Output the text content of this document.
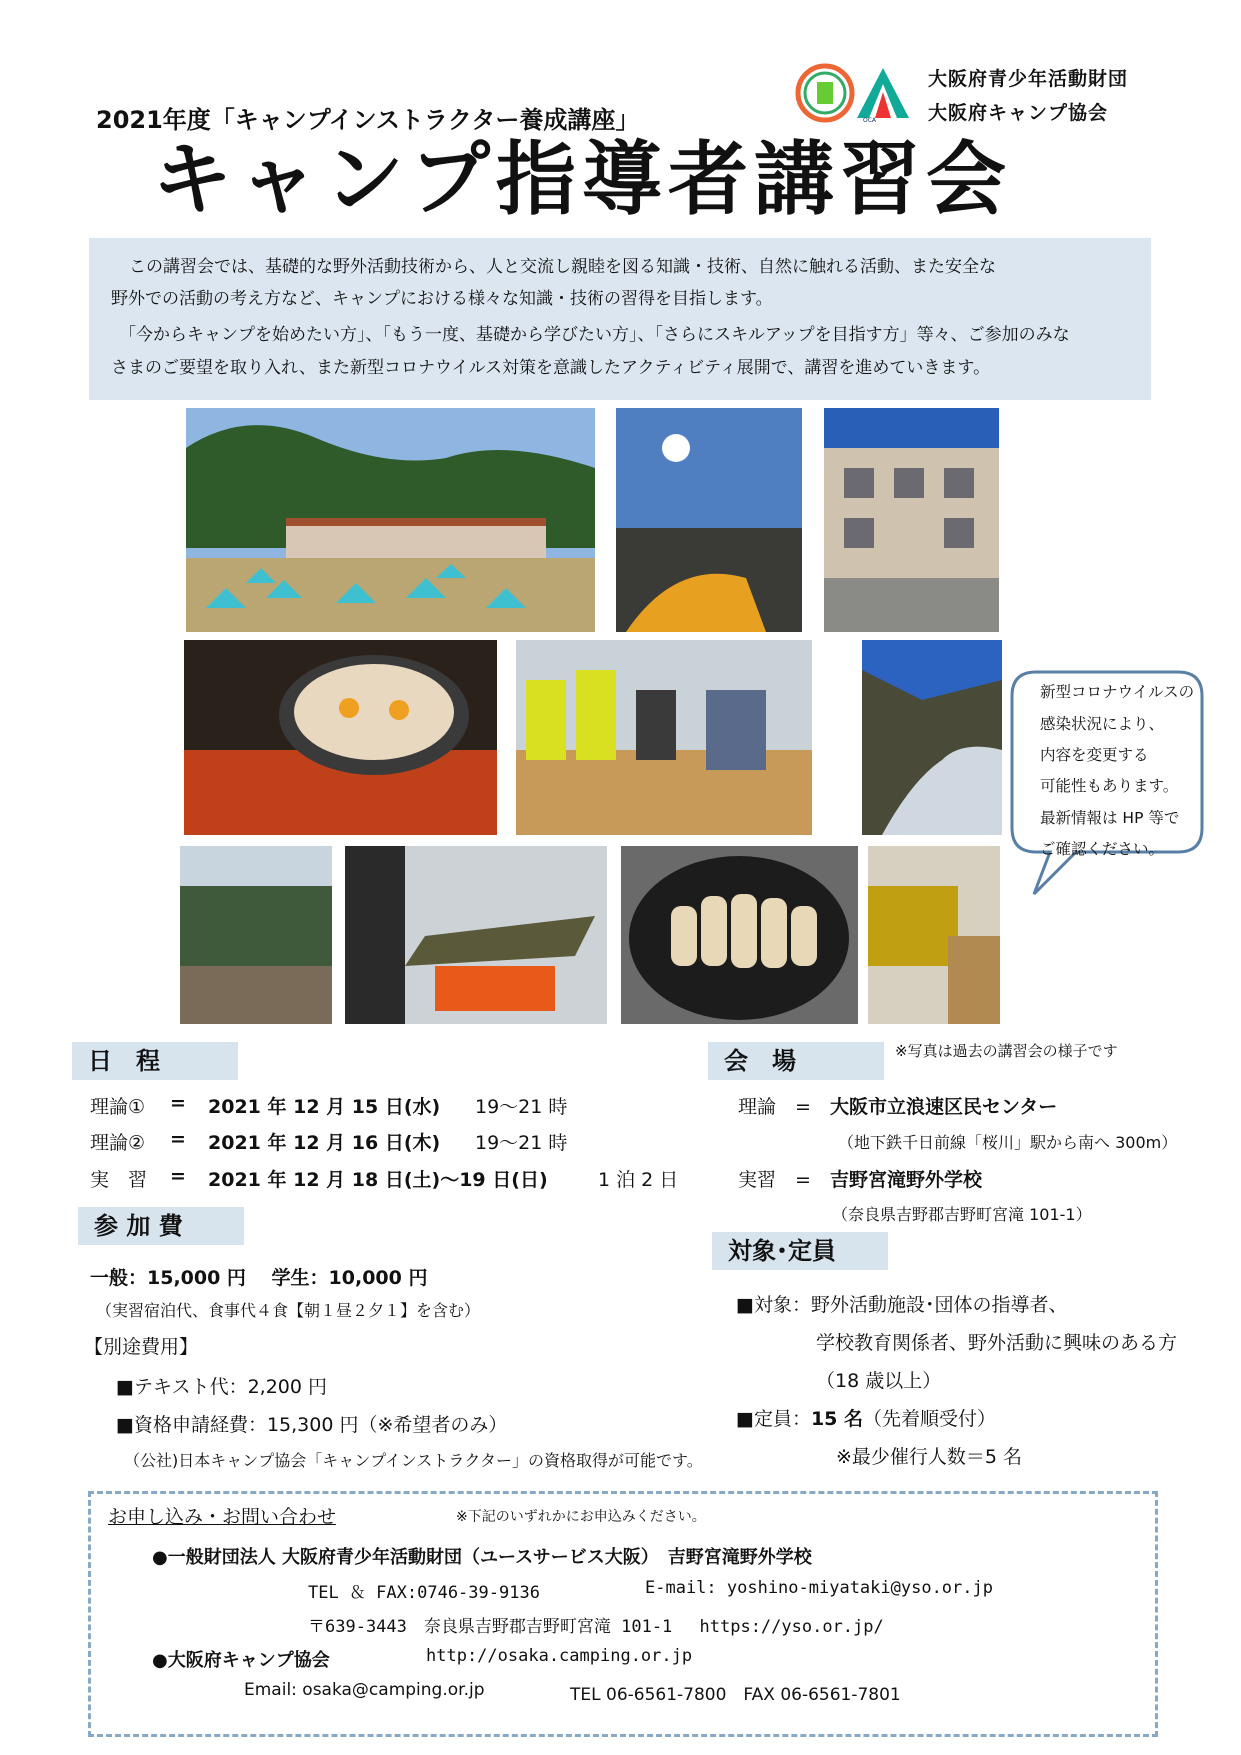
OCA
大阪府青少年活動財団
大阪府キャンプ協会
2021年度「キャンプインストラクター養成講座」
キャンプ指導者講習会

この講習会では、基礎的な野外活動技術から、人と交流し親睦を図る知識・技術、自然に触れる活動、また安全な

野外での活動の考え方など、キャンプにおける様々な知識・技術の習得を目指します。

「今からキャンプを始めたい方」、「もう一度、基礎から学びたい方」、「さらにスキルアップを目指す方」等々、ご参加のみな

さまのご要望を取り入れ、また新型コロナウイルス対策を意識したアクティビティ展開で、講習を進めていきます。

新型コロナウイルスの
感染状況により、
内容を変更する
可能性もあります。
最新情報は HP 等で
ご確認ください。
※写真は過去の講習会の様子です
日　程
理論① = 2021 年 12 月 15 日(水) 19～21 時
理論② = 2021 年 12 月 16 日(木) 19～21 時
実　習 = 2021 年 12 月 18 日(土)～19 日(日)	1 泊 2 日
参 加 費
一般：15,000 円　 学生：10,000 円
（実習宿泊代、食事代４食【朝１昼２夕１】を含む）
【別途費用】
■テキスト代：2,200 円
■資格申請経費：15,300 円（※希望者のみ）
（公社)日本キャンプ協会「キャンプインストラクター」の資格取得が可能です。
会　場
理論　= 大阪市立浪速区民センター
（地下鉄千日前線「桜川」駅から南へ 300m）
実習　= 吉野宮滝野外学校
（奈良県吉野郡吉野町宮滝 101-1）
対象･定員
■対象：野外活動施設･団体の指導者、
学校教育関係者、野外活動に興味のある方
（18 歳以上）
■定員：15 名（先着順受付）
※最少催行人数＝5 名
お申し込み・お問い合わせ	※下記のいずれかにお申込みください。
●一般財団法人 大阪府青少年活動財団（ユースサービス大阪）　吉野宮滝野外学校
TEL ＆ FAX:0746-39-9136	E-mail: yoshino-miyataki@yso.or.jp
〒639-3443　奈良県吉野郡吉野町宮滝 101-1　 https://yso.or.jp/
●大阪府キャンプ協会	http://osaka.camping.or.jp
Email: osaka@camping.or.jp	TEL 06-6561-7800　FAX 06-6561-7801
